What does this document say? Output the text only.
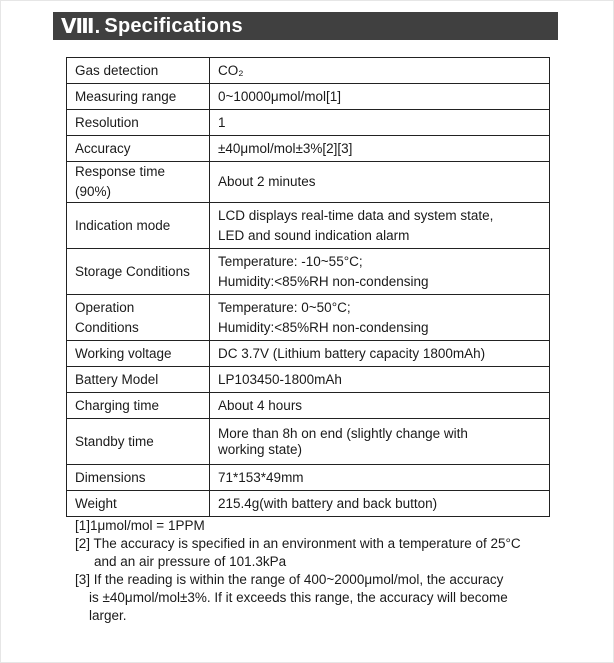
Ⅷ. Specifications
Gas detection	CO₂

Measuring range	0~10000μmol/mol[1]

Resolution	1

Accuracy	±40μmol/mol±3%[2][3]

Response time (90%)	About 2 minutes

Indication mode	LCD displays real-time data and system state,
LED and sound indication alarm

Storage Conditions	Temperature: -10~55°C;
Humidity:<85%RH non-condensing

Operation Conditions	Temperature: 0~50°C;
Humidity:<85%RH non-condensing

Working voltage	DC 3.7V (Lithium battery capacity 1800mAh)

Battery Model	LP103450-1800mAh

Charging time	About 4 hours

Standby time	More than 8h on end (slightly change with
working state)

Dimensions	71*153*49mm

Weight	215.4g(with battery and back button)
[1]1μmol/mol = 1PPM
[2] The accuracy is specified in an environment with a temperature of 25°C
and an air pressure of 101.3kPa
[3] If the reading is within the range of 400~2000μmol/mol, the accuracy
is ±40μmol/mol±3%. If it exceeds this range, the accuracy will become
larger.
